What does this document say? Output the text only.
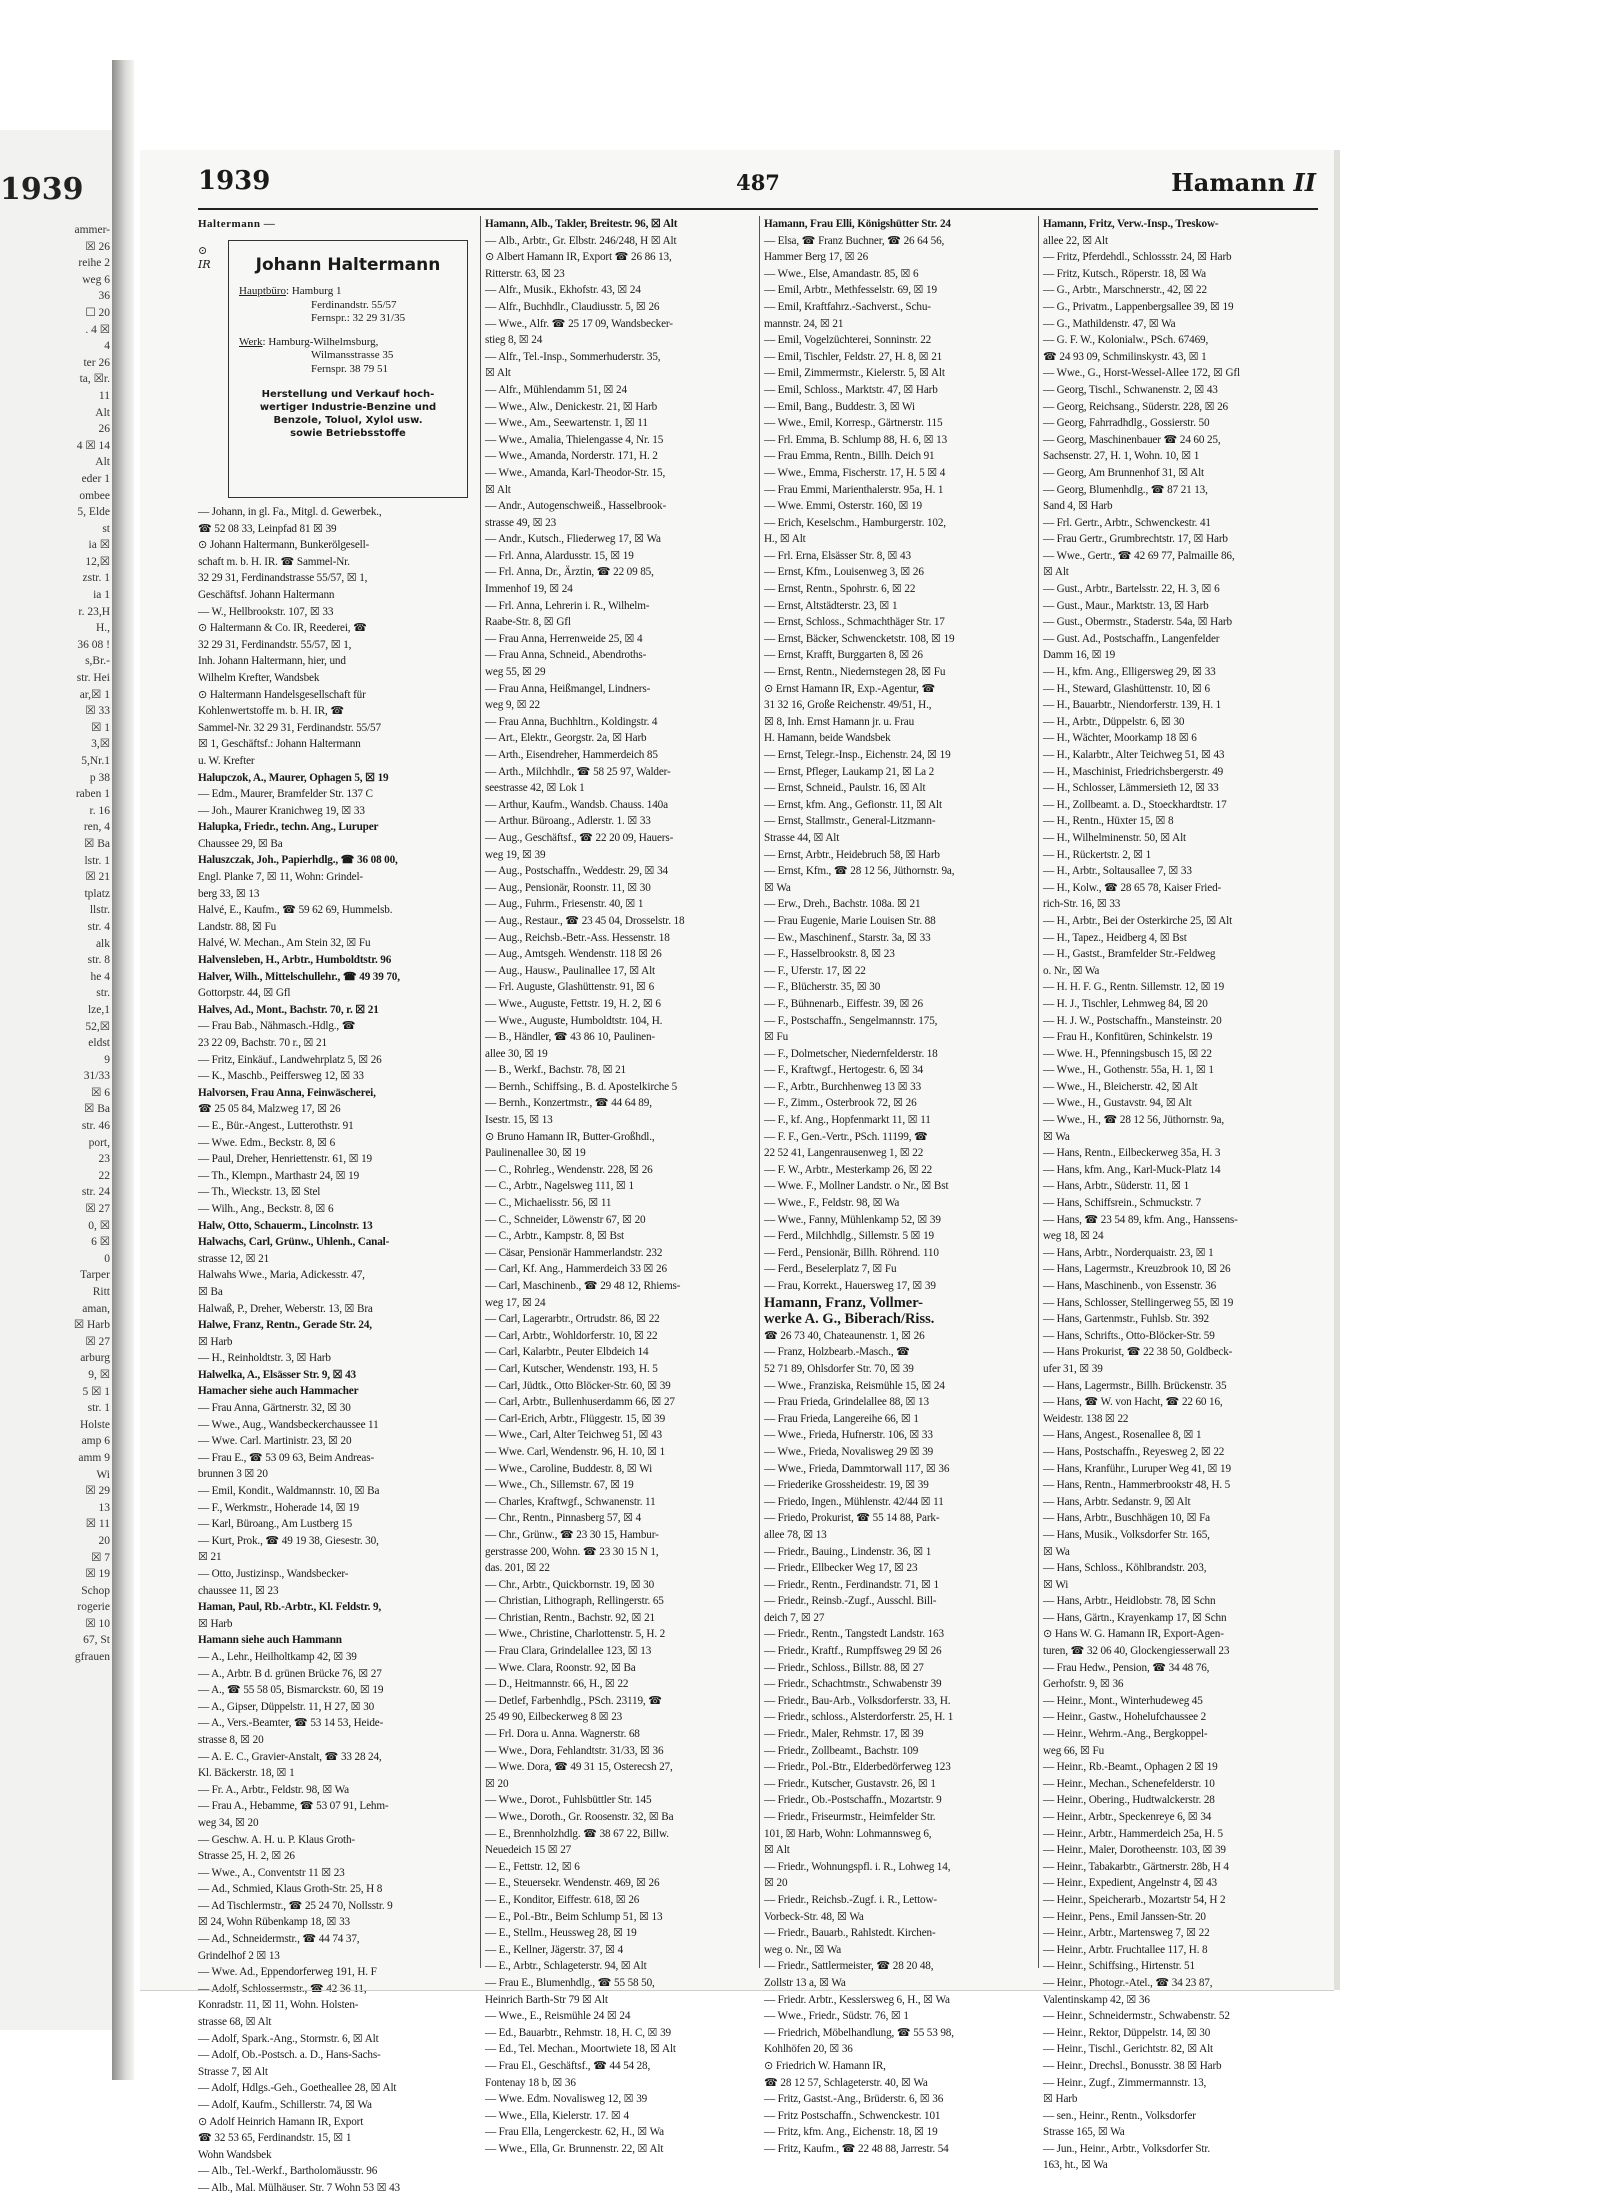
1939
ammer-
☒ 26
reihe 2
weg 6
36
☐ 20
. 4 ☒
4
ter 26
ta, ☒r.
11
Alt
26
4 ☒ 14
Alt
eder 1
ombee
5, Elde
st
ia ☒
12,☒
zstr. 1
ia 1
r. 23,H
H.,
36 08 !
s,Br.-
str. Hei
ar,☒ 1
☒ 33
☒ 1
3,☒
5,Nr.1
p 38
raben 1
r. 16
ren, 4
☒ Ba
lstr. 1
☒ 21
tplatz
llstr.
str. 4
alk
str. 8
he 4
str.
lze,1
52,☒
eldst
9
31/33
☒ 6
☒ Ba
str. 46
port,
23
22
str. 24
☒ 27
0, ☒
6 ☒
0
Tarper
Ritt
aman,
☒ Harb
☒ 27
arburg
9, ☒
5 ☒ 1
str. 1
Holste
amp 6
amm 9
Wi
☒ 29
13
☒ 11
20
☒ 7
☒ 19
Schop
rogerie
☒ 10
67, St
gfrauen
1939	487	Hamann II
Haltermann —
⊙
IR	Johann Haltermann
Hauptbüro: Hamburg 1
Ferdinandstr. 55/57
Fernspr.: 32 29 31/35
Werk: Hamburg-Wilhelmsburg,
Wilmansstrasse 35
Fernspr. 38 79 51
Herstellung und Verkauf hoch-
wertiger Industrie-Benzine und
Benzole, Toluol, Xylol usw.
sowie Betriebsstoffe
— Johann, in gl. Fa., Mitgl. d. Gewerbek.,
☎ 52 08 33, Leinpfad 81 ☒ 39
⊙ Johann Haltermann, Bunkerölgesell-
schaft m. b. H. IR. ☎ Sammel-Nr.
32 29 31, Ferdinandstrasse 55/57, ☒ 1,
Geschäftsf. Johann Haltermann
— W., Hellbrookstr. 107, ☒ 33
⊙ Haltermann & Co. IR, Reederei, ☎
32 29 31, Ferdinandstr. 55/57, ☒ 1,
Inh. Johann Haltermann, hier, und
Wilhelm Krefter, Wandsbek
⊙ Haltermann Handelsgesellschaft für
Kohlenwertstoffe m. b. H. IR, ☎
Sammel-Nr. 32 29 31, Ferdinandstr. 55/57
☒ 1, Geschäftsf.: Johann Haltermann
u. W. Krefter
Halupczok, A., Maurer, Ophagen 5, ☒ 19
— Edm., Maurer, Bramfelder Str. 137 C
— Joh., Maurer Kranichweg 19, ☒ 33
Halupka, Friedr., techn. Ang., Luruper
Chaussee 29, ☒ Ba
Haluszczak, Joh., Papierhdlg., ☎ 36 08 00,
Engl. Planke 7, ☒ 11, Wohn: Grindel-
berg 33, ☒ 13
Halvé, E., Kaufm., ☎ 59 62 69, Hummelsb.
Landstr. 88, ☒ Fu
Halvé, W. Mechan., Am Stein 32, ☒ Fu
Halvensleben, H., Arbtr., Humboldtstr. 96
Halver, Wilh., Mittelschullehr., ☎ 49 39 70,
Gottorpstr. 44, ☒ Gfl
Halves, Ad., Mont., Bachstr. 70, r. ☒ 21
— Frau Bab., Nähmasch.-Hdlg., ☎
23 22 09, Bachstr. 70 r., ☒ 21
— Fritz, Einkäuf., Landwehrplatz 5, ☒ 26
— K., Maschb., Peiffersweg 12, ☒ 33
Halvorsen, Frau Anna, Feinwäscherei,
☎ 25 05 84, Malzweg 17, ☒ 26
— E., Bür.-Angest., Lutterothstr. 91
— Wwe. Edm., Beckstr. 8, ☒ 6
— Paul, Dreher, Henriettenstr. 61, ☒ 19
— Th., Klempn., Marthastr 24, ☒ 19
— Th., Wieckstr. 13, ☒ Stel
— Wilh., Ang., Beckstr. 8, ☒ 6
Halw, Otto, Schauerm., Lincolnstr. 13
Halwachs, Carl, Grünw., Uhlenh., Canal-
strasse 12, ☒ 21
Halwahs Wwe., Maria, Adickesstr. 47,
☒ Ba
Halwaß, P., Dreher, Weberstr. 13, ☒ Bra
Halwe, Franz, Rentn., Gerade Str. 24,
☒ Harb
— H., Reinholdtstr. 3, ☒ Harb
Halwelka, A., Elsässer Str. 9, ☒ 43
Hamacher siehe auch Hammacher
— Frau Anna, Gärtnerstr. 32, ☒ 30
— Wwe., Aug., Wandsbeckerchaussee 11
— Wwe. Carl. Martinistr. 23, ☒ 20
— Frau E., ☎ 53 09 63, Beim Andreas-
brunnen 3 ☒ 20
— Emil, Kondit., Waldmannstr. 10, ☒ Ba
— F., Werkmstr., Hoherade 14, ☒ 19
— Karl, Büroang., Am Lustberg 15
— Kurt, Prok., ☎ 49 19 38, Giesestr. 30,
☒ 21
— Otto, Justizinsp., Wandsbecker-
chaussee 11, ☒ 23
Haman, Paul, Rb.-Arbtr., Kl. Feldstr. 9,
☒ Harb
Hamann siehe auch Hammann
— A., Lehr., Heilholtkamp 42, ☒ 39
— A., Arbtr. B d. grünen Brücke 76, ☒ 27
— A., ☎ 55 58 05, Bismarckstr. 60, ☒ 19
— A., Gipser, Düppelstr. 11, H 27, ☒ 30
— A., Vers.-Beamter, ☎ 53 14 53, Heide-
strasse 8, ☒ 20
— A. E. C., Gravier-Anstalt, ☎ 33 28 24,
Kl. Bäckerstr. 18, ☒ 1
— Fr. A., Arbtr., Feldstr. 98, ☒ Wa
— Frau A., Hebamme, ☎ 53 07 91, Lehm-
weg 34, ☒ 20
— Geschw. A. H. u. P. Klaus Groth-
Strasse 25, H. 2, ☒ 26
— Wwe., A., Conventstr 11 ☒ 23
— Ad., Schmied, Klaus Groth-Str. 25, H 8
— Ad Tischlermstr., ☎ 25 24 70, Nollsstr. 9
☒ 24, Wohn Rübenkamp 18, ☒ 33
— Ad., Schneidermstr., ☎ 44 74 37,
Grindelhof 2 ☒ 13
— Wwe. Ad., Eppendorferweg 191, H. F
— Adolf, Schlossermstr., ☎ 42 36 11,
Konradstr. 11, ☒ 11, Wohn. Holsten-
strasse 68, ☒ Alt
— Adolf, Spark.-Ang., Stormstr. 6, ☒ Alt
— Adolf, Ob.-Postsch. a. D., Hans-Sachs-
Strasse 7, ☒ Alt
— Adolf, Hdlgs.-Geh., Goetheallee 28, ☒ Alt
— Adolf, Kaufm., Schillerstr. 74, ☒ Wa
⊙ Adolf Heinrich Hamann IR, Export
☎ 32 53 65, Ferdinandstr. 15, ☒ 1
Wohn Wandsbek
— Alb., Tel.-Werkf., Bartholomäusstr. 96
— Alb., Mal. Mülhäuser. Str. 7 Wohn 53 ☒ 43
Hamann, Alb., Takler, Breitestr. 96, ☒ Alt
— Alb., Arbtr., Gr. Elbstr. 246/248, H ☒ Alt
⊙ Albert Hamann IR, Export ☎ 26 86 13,
Ritterstr. 63, ☒ 23
— Alfr., Musik., Ekhofstr. 43, ☒ 24
— Alfr., Buchhdlr., Claudiusstr. 5, ☒ 26
— Wwe., Alfr. ☎ 25 17 09, Wandsbecker-
stieg 8, ☒ 24
— Alfr., Tel.-Insp., Sommerhuderstr. 35,
☒ Alt
— Alfr., Mühlendamm 51, ☒ 24
— Wwe., Alw., Denickestr. 21, ☒ Harb
— Wwe., Am., Seewartenstr. 1, ☒ 11
— Wwe., Amalia, Thielengasse 4, Nr. 15
— Wwe., Amanda, Norderstr. 171, H. 2
— Wwe., Amanda, Karl-Theodor-Str. 15,
☒ Alt
— Andr., Autogenschweiß., Hasselbrook-
strasse 49, ☒ 23
— Andr., Kutsch., Fliederweg 17, ☒ Wa
— Frl. Anna, Alardusstr. 15, ☒ 19
— Frl. Anna, Dr., Ärztin, ☎ 22 09 85,
Immenhof 19, ☒ 24
— Frl. Anna, Lehrerin i. R., Wilhelm-
Raabe-Str. 8, ☒ Gfl
— Frau Anna, Herrenweide 25, ☒ 4
— Frau Anna, Schneid., Abendroths-
weg 55, ☒ 29
— Frau Anna, Heißmangel, Lindners-
weg 9, ☒ 22
— Frau Anna, Buchhltrn., Koldingstr. 4
— Art., Elektr., Georgstr. 2a, ☒ Harb
— Arth., Eisendreher, Hammerdeich 85
— Arth., Milchhdlr., ☎ 58 25 97, Walder-
seestrasse 42, ☒ Lok 1
— Arthur, Kaufm., Wandsb. Chauss. 140a
— Arthur. Büroang., Adlerstr. 1. ☒ 33
— Aug., Geschäftsf., ☎ 22 20 09, Hauers-
weg 19, ☒ 39
— Aug., Postschaffn., Weddestr. 29, ☒ 34
— Aug., Pensionär, Roonstr. 11, ☒ 30
— Aug., Fuhrm., Friesenstr. 40, ☒ 1
— Aug., Restaur., ☎ 23 45 04, Drosselstr. 18
— Aug., Reichsb.-Betr.-Ass. Hessenstr. 18
— Aug., Amtsgeh. Wendenstr. 118 ☒ 26
— Aug., Hausw., Paulinallee 17, ☒ Alt
— Frl. Auguste, Glashüttenstr. 91, ☒ 6
— Wwe., Auguste, Fettstr. 19, H. 2, ☒ 6
— Wwe., Auguste, Humboldtstr. 104, H.
— B., Händler, ☎ 43 86 10, Paulinen-
allee 30, ☒ 19
— B., Werkf., Bachstr. 78, ☒ 21
— Bernh., Schiffsing., B. d. Apostelkirche 5
— Bernh., Konzertmstr., ☎ 44 64 89,
Isestr. 15, ☒ 13
⊙ Bruno Hamann IR, Butter-Großhdl.,
Paulinenallee 30, ☒ 19
— C., Rohrleg., Wendenstr. 228, ☒ 26
— C., Arbtr., Nagelsweg 111, ☒ 1
— C., Michaelisstr. 56, ☒ 11
— C., Schneider, Löwenstr 67, ☒ 20
— C., Arbtr., Kampstr. 8, ☒ Bst
— Cäsar, Pensionär Hammerlandstr. 232
— Carl, Kf. Ang., Hammerdeich 33 ☒ 26
— Carl, Maschinenb., ☎ 29 48 12, Rhiems-
weg 17, ☒ 24
— Carl, Lagerarbtr., Ortrudstr. 86, ☒ 22
— Carl, Arbtr., Wohldorferstr. 10, ☒ 22
— Carl, Kalarbtr., Peuter Elbdeich 14
— Carl, Kutscher, Wendenstr. 193, H. 5
— Carl, Jüdtk., Otto Blöcker-Str. 60, ☒ 39
— Carl, Arbtr., Bullenhuserdamm 66, ☒ 27
— Carl-Erich, Arbtr., Flüggestr. 15, ☒ 39
— Wwe., Carl, Alter Teichweg 51, ☒ 43
— Wwe. Carl, Wendenstr. 96, H. 10, ☒ 1
— Wwe., Caroline, Buddestr. 8, ☒ Wi
— Wwe., Ch., Sillemstr. 67, ☒ 19
— Charles, Kraftwgf., Schwanenstr. 11
— Chr., Rentn., Pinnasberg 57, ☒ 4
— Chr., Grünw., ☎ 23 30 15, Hambur-
gerstrasse 200, Wohn. ☎ 23 30 15 N 1,
das. 201, ☒ 22
— Chr., Arbtr., Quickbornstr. 19, ☒ 30
— Christian, Lithograph, Rellingerstr. 65
— Christian, Rentn., Bachstr. 92, ☒ 21
— Wwe., Christine, Charlottenstr. 5, H. 2
— Frau Clara, Grindelallee 123, ☒ 13
— Wwe. Clara, Roonstr. 92, ☒ Ba
— D., Heitmannstr. 66, H., ☒ 22
— Detlef, Farbenhdlg., PSch. 23119, ☎
25 49 90, Eilbeckerweg 8 ☒ 23
— Frl. Dora u. Anna. Wagnerstr. 68
— Wwe., Dora, Fehlandtstr. 31/33, ☒ 36
— Wwe. Dora, ☎ 49 31 15, Osterecsh 27,
☒ 20
— Wwe., Dorot., Fuhlsbüttler Str. 145
— Wwe., Doroth., Gr. Roosenstr. 32, ☒ Ba
— E., Brennholzhdlg. ☎ 38 67 22, Billw.
Neuedeich 15 ☒ 27
— E., Fettstr. 12, ☒ 6
— E., Steuersekr. Wendenstr. 469, ☒ 26
— E., Konditor, Eiffestr. 618, ☒ 26
— E., Pol.-Btr., Beim Schlump 51, ☒ 13
— E., Stellm., Heussweg 28, ☒ 19
— E., Kellner, Jägerstr. 37, ☒ 4
— E., Arbtr., Schlageterstr. 94, ☒ Alt
— Frau E., Blumenhdlg., ☎ 55 58 50,
Heinrich Barth-Str 79 ☒ Alt
— Wwe., E., Reismühle 24 ☒ 24
— Ed., Bauarbtr., Rehmstr. 18, H. C, ☒ 39
— Ed., Tel. Mechan., Moortwiete 18, ☒ Alt
— Frau El., Geschäftsf., ☎ 44 54 28,
Fontenay 18 b, ☒ 36
— Wwe. Edm. Novalisweg 12, ☒ 39
— Wwe., Ella, Kielerstr. 17. ☒ 4
— Frau Ella, Lengerckestr. 62, H., ☒ Wa
— Wwe., Ella, Gr. Brunnenstr. 22, ☒ Alt
Hamann, Frau Elli, Königshütter Str. 24
— Elsa, ☎ Franz Buchner, ☎ 26 64 56,
Hammer Berg 17, ☒ 26
— Wwe., Else, Amandastr. 85, ☒ 6
— Emil, Arbtr., Methfesselstr. 69, ☒ 19
— Emil, Kraftfahrz.-Sachverst., Schu-
mannstr. 24, ☒ 21
— Emil, Vogelzüchterei, Sonninstr. 22
— Emil, Tischler, Feldstr. 27, H. 8, ☒ 21
— Emil, Zimmermstr., Kielerstr. 5, ☒ Alt
— Emil, Schloss., Marktstr. 47, ☒ Harb
— Emil, Bang., Buddestr. 3, ☒ Wi
— Wwe., Emil, Korresp., Gärtnerstr. 115
— Frl. Emma, B. Schlump 88, H. 6, ☒ 13
— Frau Emma, Rentn., Billh. Deich 91
— Wwe., Emma, Fischerstr. 17, H. 5 ☒ 4
— Frau Emmi, Marienthalerstr. 95a, H. 1
— Wwe. Emmi, Osterstr. 160, ☒ 19
— Erich, Keselschm., Hamburgerstr. 102,
H., ☒ Alt
— Frl. Erna, Elsässer Str. 8, ☒ 43
— Ernst, Kfm., Louisenweg 3, ☒ 26
— Ernst, Rentn., Spohrstr. 6, ☒ 22
— Ernst, Altstädterstr. 23, ☒ 1
— Ernst, Schloss., Schmachthäger Str. 17
— Ernst, Bäcker, Schwencketstr. 108, ☒ 19
— Ernst, Krafft, Burggarten 8, ☒ 26
— Ernst, Rentn., Niedernstegen 28, ☒ Fu
⊙ Ernst Hamann IR, Exp.-Agentur, ☎
31 32 16, Große Reichenstr. 49/51, H.,
☒ 8, Inh. Ernst Hamann jr. u. Frau
H. Hamann, beide Wandsbek
— Ernst, Telegr.-Insp., Eichenstr. 24, ☒ 19
— Ernst, Pfleger, Laukamp 21, ☒ La 2
— Ernst, Schneid., Paulstr. 16, ☒ Alt
— Ernst, kfm. Ang., Gefionstr. 11, ☒ Alt
— Ernst, Stallmstr., General-Litzmann-
Strasse 44, ☒ Alt
— Ernst, Arbtr., Heidebruch 58, ☒ Harb
— Ernst, Kfm., ☎ 28 12 56, Jüthornstr. 9a,
☒ Wa
— Erw., Dreh., Bachstr. 108a. ☒ 21
— Frau Eugenie, Marie Louisen Str. 88
— Ew., Maschinenf., Starstr. 3a, ☒ 33
— F., Hasselbrookstr. 8, ☒ 23
— F., Uferstr. 17, ☒ 22
— F., Blücherstr. 35, ☒ 30
— F., Bühnenarb., Eiffestr. 39, ☒ 26
— F., Postschaffn., Sengelmannstr. 175,
☒ Fu
— F., Dolmetscher, Niedernfelderstr. 18
— F., Kraftwgf., Hertogestr. 6, ☒ 34
— F., Arbtr., Burchhenweg 13 ☒ 33
— F., Zimm., Osterbrook 72, ☒ 26
— F., kf. Ang., Hopfenmarkt 11, ☒ 11
— F. F., Gen.-Vertr., PSch. 11199, ☎
22 52 41, Langenrausenweg 1, ☒ 22
— F. W., Arbtr., Mesterkamp 26, ☒ 22
— Wwe. F., Mollner Landstr. o Nr., ☒ Bst
— Wwe., F., Feldstr. 98, ☒ Wa
— Wwe., Fanny, Mühlenkamp 52, ☒ 39
— Ferd., Milchhdlg., Sillemstr. 5 ☒ 19
— Ferd., Pensionär, Billh. Röhrend. 110
— Ferd., Beselerplatz 7, ☒ Fu
— Frau, Korrekt., Hauersweg 17, ☒ 39
Hamann, Franz, Vollmer-
werke A. G., Biberach/Riss.
☎ 26 73 40, Chateaunenstr. 1, ☒ 26
— Franz, Holzbearb.-Masch., ☎
52 71 89, Ohlsdorfer Str. 70, ☒ 39
— Wwe., Franziska, Reismühle 15, ☒ 24
— Frau Frieda, Grindelallee 88, ☒ 13
— Frau Frieda, Langereihe 66, ☒ 1
— Wwe., Frieda, Hufnerstr. 106, ☒ 33
— Wwe., Frieda, Novalisweg 29 ☒ 39
— Wwe., Frieda, Dammtorwall 117, ☒ 36
— Friederike Grossheidestr. 19, ☒ 39
— Friedo, Ingen., Mühlenstr. 42/44 ☒ 11
— Friedo, Prokurist, ☎ 55 14 88, Park-
allee 78, ☒ 13
— Friedr., Bauing., Lindenstr. 36, ☒ 1
— Friedr., Ellbecker Weg 17, ☒ 23
— Friedr., Rentn., Ferdinandstr. 71, ☒ 1
— Friedr., Reinsb.-Zugf., Ausschl. Bill-
deich 7, ☒ 27
— Friedr., Rentn., Tangstedt Landstr. 163
— Friedr., Kraftf., Rumpffsweg 29 ☒ 26
— Friedr., Schloss., Billstr. 88, ☒ 27
— Friedr., Schachtmstr., Schwabenstr 39
— Friedr., Bau-Arb., Volksdorferstr. 33, H.
— Friedr., schloss., Alsterdorferstr. 25, H. 1
— Friedr., Maler, Rehmstr. 17, ☒ 39
— Friedr., Zollbeamt., Bachstr. 109
— Friedr., Pol.-Btr., Elderbedörferweg 123
— Friedr., Kutscher, Gustavstr. 26, ☒ 1
— Friedr., Ob.-Postschaffn., Mozartstr. 9
— Friedr., Friseurmstr., Heimfelder Str.
101, ☒ Harb, Wohn: Lohmannsweg 6,
☒ Alt
— Friedr., Wohnungspfl. i. R., Lohweg 14,
☒ 20
— Friedr., Reichsb.-Zugf. i. R., Lettow-
Vorbeck-Str. 48, ☒ Wa
— Friedr., Bauarb., Rahlstedt. Kirchen-
weg o. Nr., ☒ Wa
— Friedr., Sattlermeister, ☎ 28 20 48,
Zollstr 13 a, ☒ Wa
— Friedr. Arbtr., Kesslersweg 6, H., ☒ Wa
— Wwe., Friedr., Südstr. 76, ☒ 1
— Friedrich, Möbelhandlung, ☎ 55 53 98,
Kohlhöfen 20, ☒ 36
⊙ Friedrich W. Hamann IR,
☎ 28 12 57, Schlageterstr. 40, ☒ Wa
— Fritz, Gastst.-Ang., Brüderstr. 6, ☒ 36
— Fritz Postschaffn., Schwenckestr. 101
— Fritz, kfm. Ang., Eichenstr. 18, ☒ 19
— Fritz, Kaufm., ☎ 22 48 88, Jarrestr. 54
Hamann, Fritz, Verw.-Insp., Treskow-
allee 22, ☒ Alt
— Fritz, Pferdehdl., Schlossstr. 24, ☒ Harb
— Fritz, Kutsch., Röperstr. 18, ☒ Wa
— G., Arbtr., Marschnerstr., 42, ☒ 22
— G., Privatm., Lappenbergsallee 39, ☒ 19
— G., Mathildenstr. 47, ☒ Wa
— G. F. W., Kolonialw., PSch. 67469,
☎ 24 93 09, Schmilinskystr. 43, ☒ 1
— Wwe., G., Horst-Wessel-Allee 172, ☒ Gfl
— Georg, Tischl., Schwanenstr. 2, ☒ 43
— Georg, Reichsang., Süderstr. 228, ☒ 26
— Georg, Fahrradhdlg., Gossierstr. 50
— Georg, Maschinenbauer ☎ 24 60 25,
Sachsenstr. 27, H. 1, Wohn. 10, ☒ 1
— Georg, Am Brunnenhof 31, ☒ Alt
— Georg, Blumenhdlg., ☎ 87 21 13,
Sand 4, ☒ Harb
— Frl. Gertr., Arbtr., Schwenckestr. 41
— Frau Gertr., Grumbrechtstr. 17, ☒ Harb
— Wwe., Gertr., ☎ 42 69 77, Palmaille 86,
☒ Alt
— Gust., Arbtr., Bartelsstr. 22, H. 3, ☒ 6
— Gust., Maur., Marktstr. 13, ☒ Harb
— Gust., Obermstr., Staderstr. 54a, ☒ Harb
— Gust. Ad., Postschaffn., Langenfelder
Damm 16, ☒ 19
— H., kfm. Ang., Elligersweg 29, ☒ 33
— H., Steward, Glashüttenstr. 10, ☒ 6
— H., Bauarbtr., Niendorferstr. 139, H. 1
— H., Arbtr., Düppelstr. 6, ☒ 30
— H., Wächter, Moorkamp 18 ☒ 6
— H., Kalarbtr., Alter Teichweg 51, ☒ 43
— H., Maschinist, Friedrichsbergerstr. 49
— H., Schlosser, Lämmersieth 12, ☒ 33
— H., Zollbeamt. a. D., Stoeckhardtstr. 17
— H., Rentn., Hüxter 15, ☒ 8
— H., Wilhelminenstr. 50, ☒ Alt
— H., Rückertstr. 2, ☒ 1
— H., Arbtr., Soltausallee 7, ☒ 33
— H., Kolw., ☎ 28 65 78, Kaiser Fried-
rich-Str. 16, ☒ 33
— H., Arbtr., Bei der Osterkirche 25, ☒ Alt
— H., Tapez., Heidberg 4, ☒ Bst
— H., Gastst., Bramfelder Str.-Feldweg
o. Nr., ☒ Wa
— H. H. F. G., Rentn. Sillemstr. 12, ☒ 19
— H. J., Tischler, Lehmweg 84, ☒ 20
— H. J. W., Postschaffn., Mansteinstr. 20
— Frau H., Konfitüren, Schinkelstr. 19
— Wwe. H., Pfenningsbusch 15, ☒ 22
— Wwe., H., Gothenstr. 55a, H. 1, ☒ 1
— Wwe., H., Bleicherstr. 42, ☒ Alt
— Wwe., H., Gustavstr. 94, ☒ Alt
— Wwe., H., ☎ 28 12 56, Jüthornstr. 9a,
☒ Wa
— Hans, Rentn., Eilbeckerweg 35a, H. 3
— Hans, kfm. Ang., Karl-Muck-Platz 14
— Hans, Arbtr., Süderstr. 11, ☒ 1
— Hans, Schiffsrein., Schmuckstr. 7
— Hans, ☎ 23 54 89, kfm. Ang., Hanssens-
weg 18, ☒ 24
— Hans, Arbtr., Norderquaistr. 23, ☒ 1
— Hans, Lagermstr., Kreuzbrook 10, ☒ 26
— Hans, Maschinenb., von Essenstr. 36
— Hans, Schlosser, Stellingerweg 55, ☒ 19
— Hans, Gartenmstr., Fuhlsb. Str. 392
— Hans, Schrifts., Otto-Blöcker-Str. 59
— Hans Prokurist, ☎ 22 38 50, Goldbeck-
ufer 31, ☒ 39
— Hans, Lagermstr., Billh. Brückenstr. 35
— Hans, ☎ W. von Hacht, ☎ 22 60 16,
Weidestr. 138 ☒ 22
— Hans, Angest., Rosenallee 8, ☒ 1
— Hans, Postschaffn., Reyesweg 2, ☒ 22
— Hans, Kranführ., Luruper Weg 41, ☒ 19
— Hans, Rentn., Hammerbrookstr 48, H. 5
— Hans, Arbtr. Sedanstr. 9, ☒ Alt
— Hans, Arbtr., Buschhägen 10, ☒ Fa
— Hans, Musik., Volksdorfer Str. 165,
☒ Wa
— Hans, Schloss., Köhlbrandstr. 203,
☒ Wi
— Hans, Arbtr., Heidlobstr. 78, ☒ Schn
— Hans, Gärtn., Krayenkamp 17, ☒ Schn
⊙ Hans W. G. Hamann IR, Export-Agen-
turen, ☎ 32 06 40, Glockengiesserwall 23
— Frau Hedw., Pension, ☎ 34 48 76,
Gerhofstr. 9, ☒ 36
— Heinr., Mont., Winterhudeweg 45
— Heinr., Gastw., Hohelufchaussee 2
— Heinr., Wehrm.-Ang., Bergkoppel-
weg 66, ☒ Fu
— Heinr., Rb.-Beamt., Ophagen 2 ☒ 19
— Heinr., Mechan., Schenefelderstr. 10
— Heinr., Obering., Hudtwalckerstr. 28
— Heinr., Arbtr., Speckenreye 6, ☒ 34
— Heinr., Arbtr., Hammerdeich 25a, H. 5
— Heinr., Maler, Dorotheenstr. 103, ☒ 39
— Heinr., Tabakarbtr., Gärtnerstr. 28b, H 4
— Heinr., Expedient, Angelnstr 4, ☒ 43
— Heinr., Speicherarb., Mozartstr 54, H 2
— Heinr., Pens., Emil Janssen-Str. 20
— Heinr., Arbtr., Martensweg 7, ☒ 22
— Heinr., Arbtr. Fruchtallee 117, H. 8
— Heinr., Schiffsing., Hirtenstr. 51
— Heinr., Photogr.-Atel., ☎ 34 23 87,
Valentinskamp 42, ☒ 36
— Heinr., Schneidermstr., Schwabenstr. 52
— Heinr., Rektor, Düppelstr. 14, ☒ 30
— Heinr., Tischl., Gerichtstr. 82, ☒ Alt
— Heinr., Drechsl., Bonusstr. 38 ☒ Harb
— Heinr., Zugf., Zimmermannstr. 13,
☒ Harb
— sen., Heinr., Rentn., Volksdorfer
Strasse 165, ☒ Wa
— Jun., Heinr., Arbtr., Volksdorfer Str.
163, ht., ☒ Wa
